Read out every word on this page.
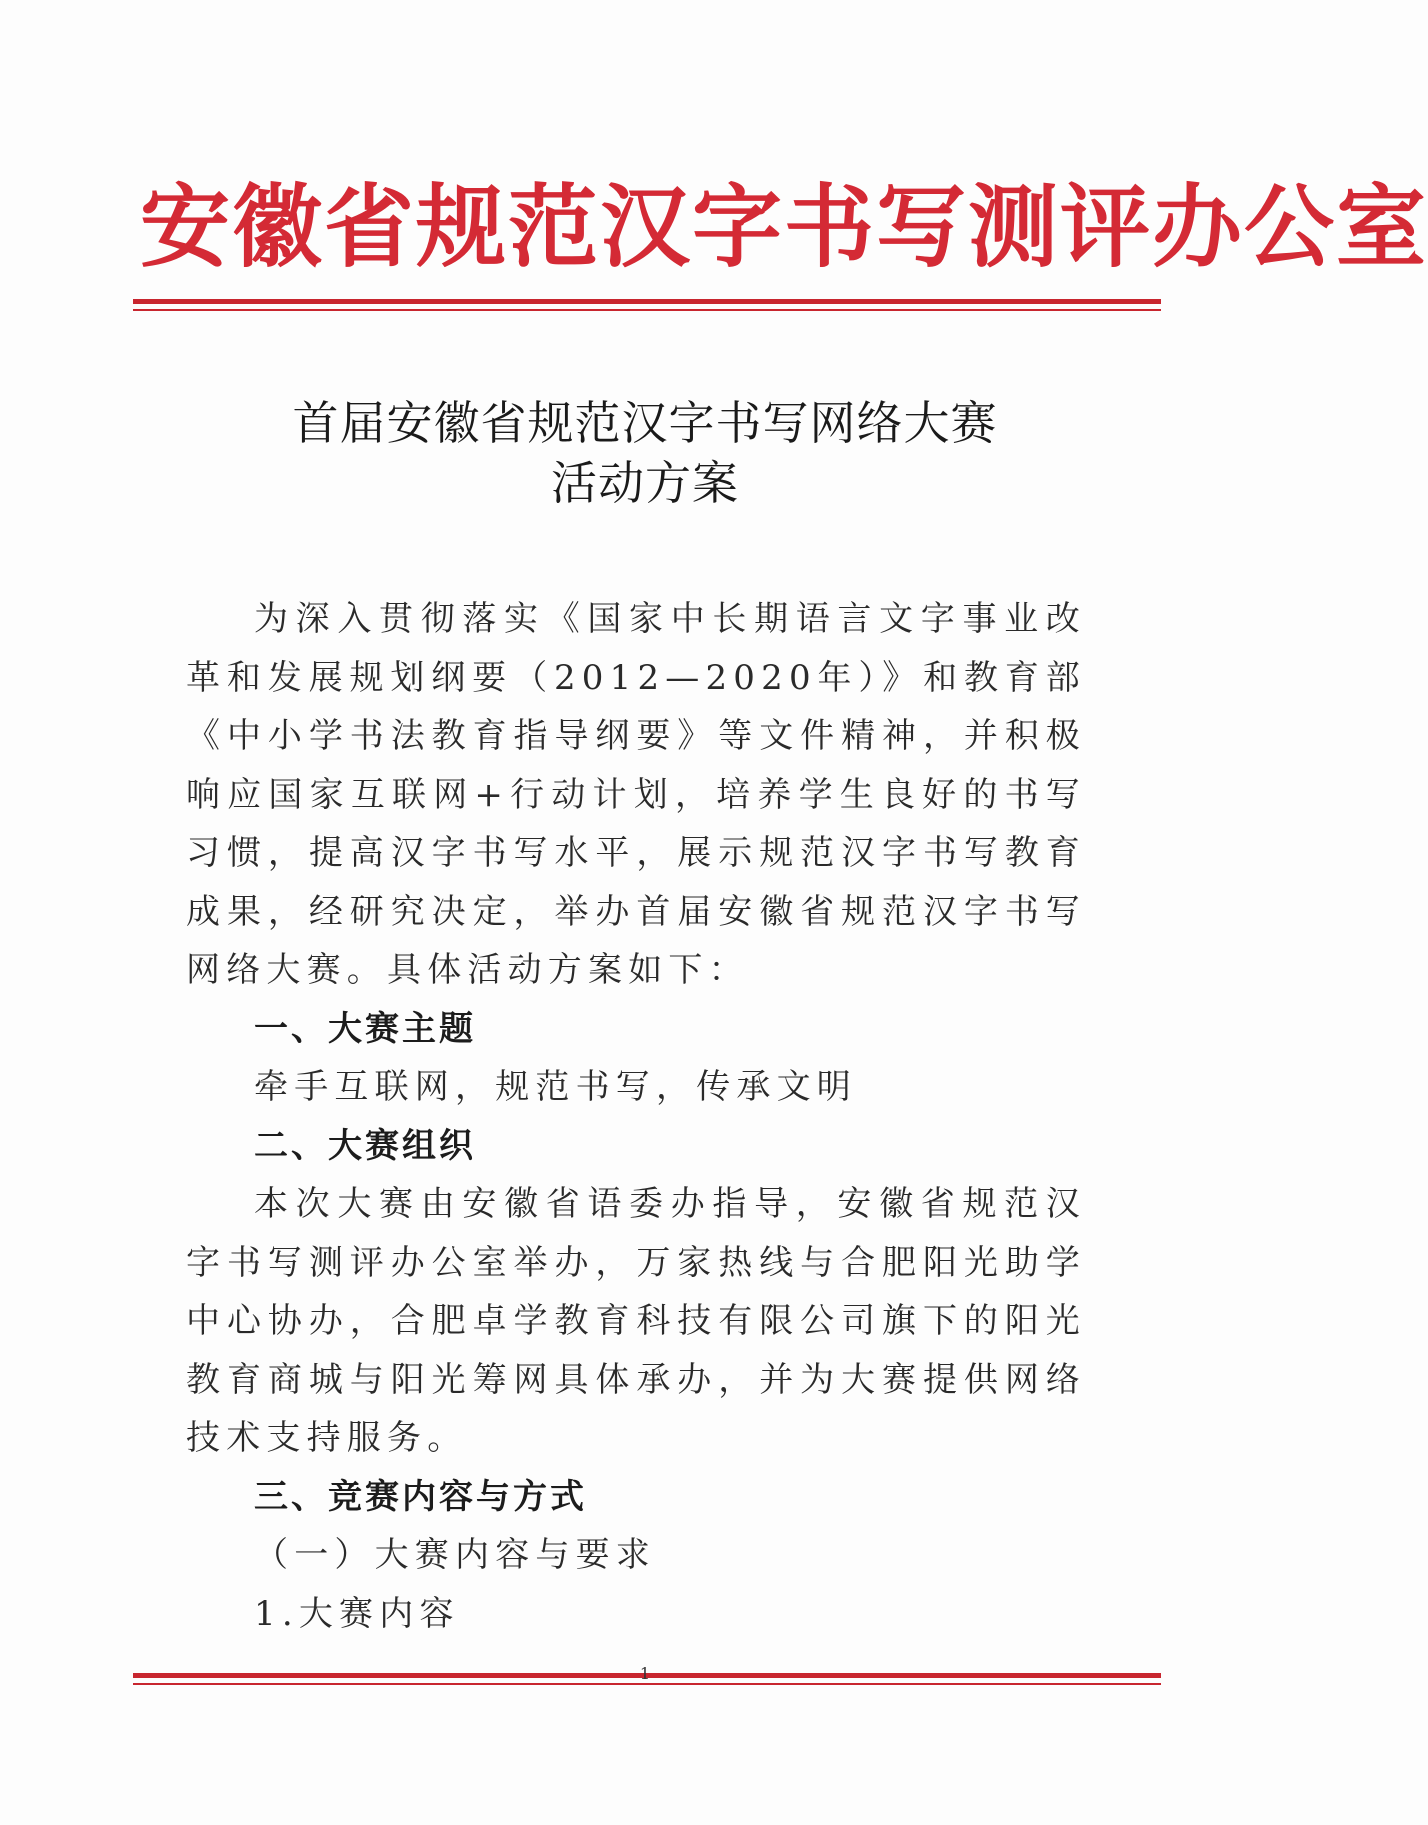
安徽省规范汉字书写测评办公室
首届安徽省规范汉字书写网络大赛
活动方案

为深入贯彻落实《国家中长期语言文字事业改革和发展规划纲要（2012—2020年）》和教育部《中小学书法教育指导纲要》等文件精神，并积极响应国家互联网+行动计划，培养学生良好的书写习惯，提高汉字书写水平，展示规范汉字书写教育成果，经研究决定，举办首届安徽省规范汉字书写网络大赛。具体活动方案如下：

一、大赛主题

牵手互联网，规范书写，传承文明

二、大赛组织

本次大赛由安徽省语委办指导，安徽省规范汉字书写测评办公室举办，万家热线与合肥阳光助学中心协办，合肥卓学教育科技有限公司旗下的阳光教育商城与阳光筹网具体承办，并为大赛提供网络技术支持服务。

三、竞赛内容与方式

（一）大赛内容与要求

1.大赛内容

1
